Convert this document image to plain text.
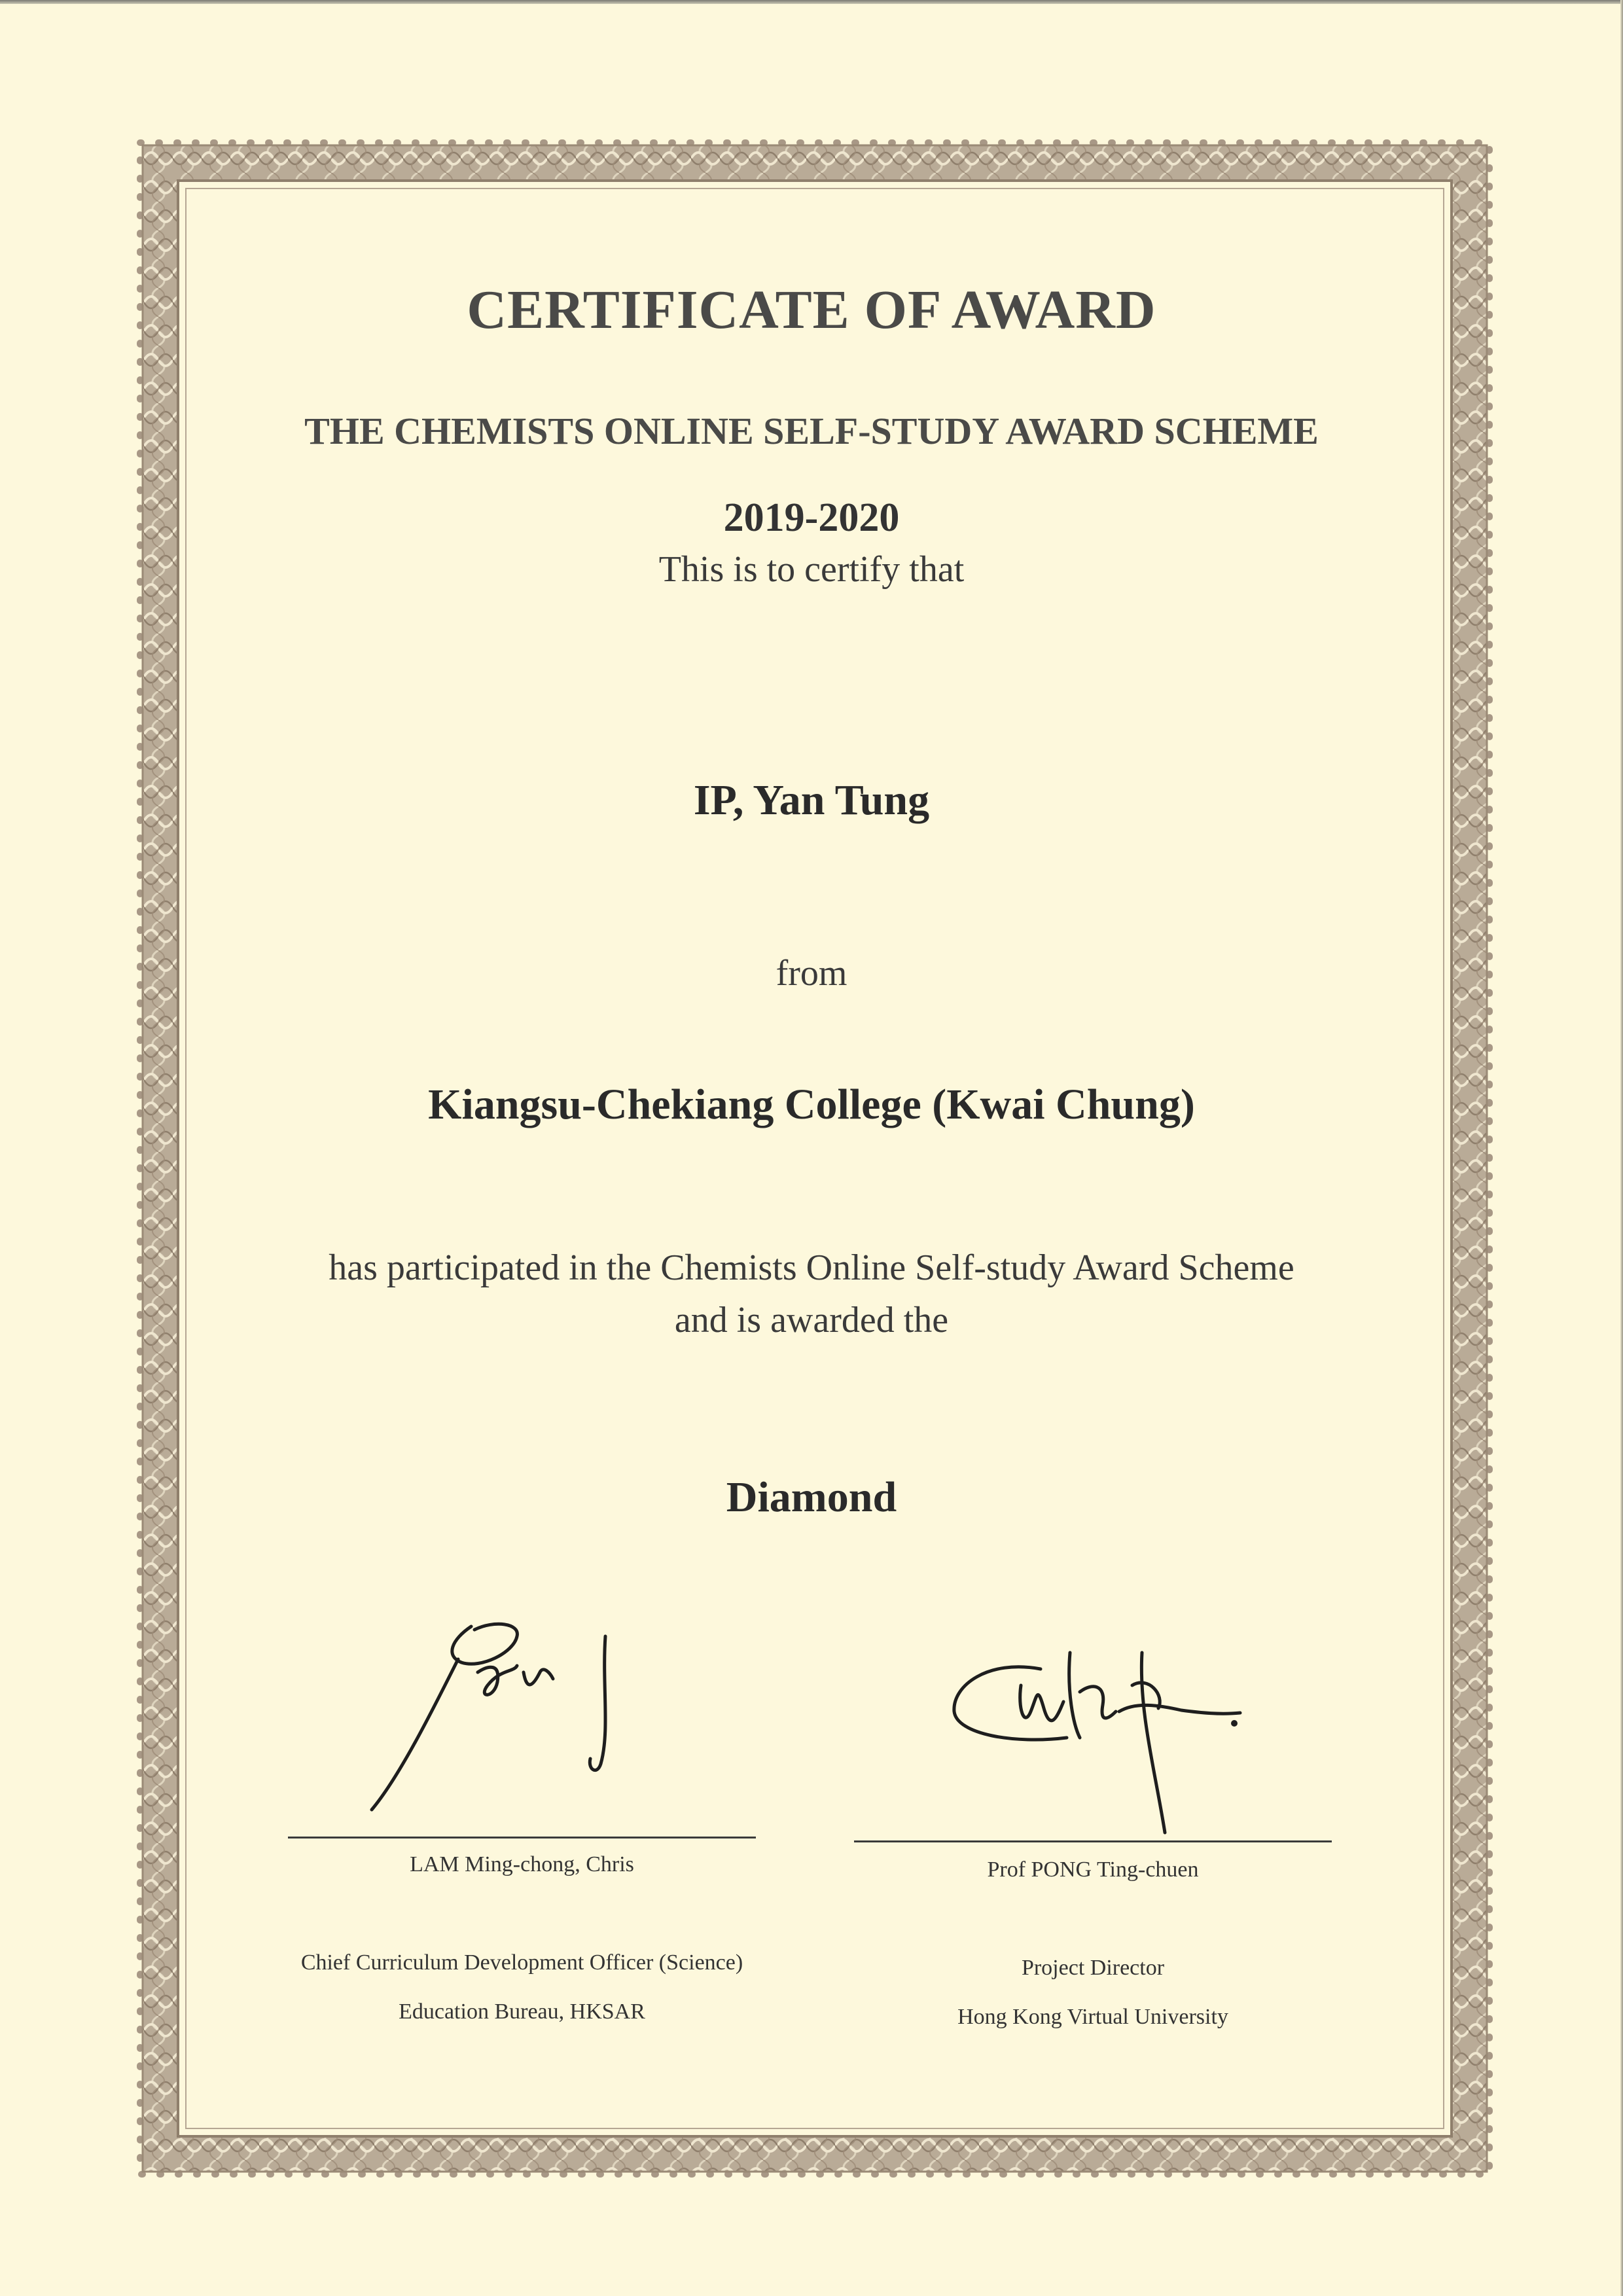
CERTIFICATE OF AWARD
THE CHEMISTS ONLINE SELF-STUDY AWARD SCHEME
2019-2020
This is to certify that
IP, Yan Tung
from
Kiangsu-Chekiang College (Kwai Chung)
has participated in the Chemists Online Self-study Award Scheme
and is awarded the
Diamond
LAM Ming-chong, Chris
Chief Curriculum Development Officer (Science)
Education Bureau, HKSAR
Prof PONG Ting-chuen
Project Director
Hong Kong Virtual University
